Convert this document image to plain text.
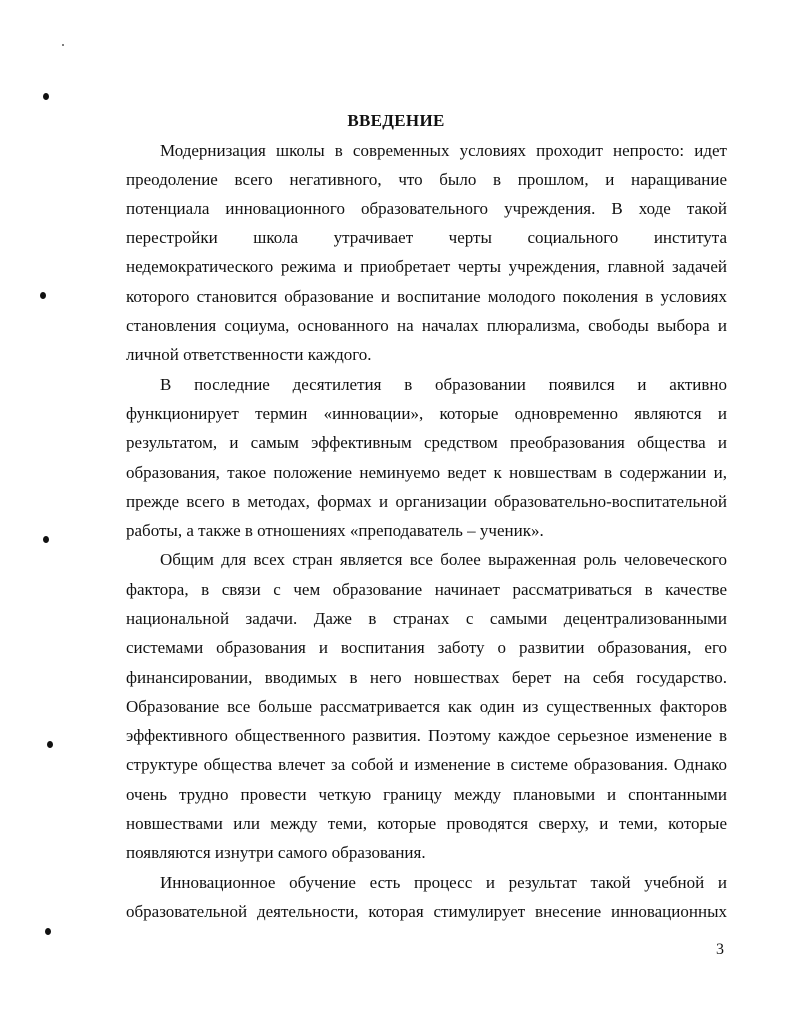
ВВЕДЕНИЕ
Модернизация школы в современных условиях проходит непросто: идет
преодоление всего негативного, что было в прошлом, и наращивание
потенциала инновационного образовательного учреждения. В ходе такой
перестройки школа утрачивает черты социального института
недемократического режима и приобретает черты учреждения, главной задачей
которого становится образование и воспитание молодого поколения в условиях
становления социума, основанного на началах плюрализма, свободы выбора и
личной ответственности каждого.
В последние десятилетия в образовании появился и активно
функционирует термин «инновации», которые одновременно являются и
результатом, и самым эффективным средством преобразования общества и
образования, такое положение неминуемо ведет к новшествам в содержании и,
прежде всего в методах, формах и организации образовательно-воспитательной
работы, а также в отношениях «преподаватель – ученик».
Общим для всех стран является все более выраженная роль человеческого
фактора, в связи с чем образование начинает рассматриваться в качестве
национальной задачи. Даже в странах с самыми децентрализованными
системами образования и воспитания заботу о развитии образования, его
финансировании, вводимых в него новшествах берет на себя государство.
Образование все больше рассматривается как один из существенных факторов
эффективного общественного развития. Поэтому каждое серьезное изменение в
структуре общества влечет за собой и изменение в системе образования. Однако
очень трудно провести четкую границу между плановыми и спонтанными
новшествами или между теми, которые проводятся сверху, и теми, которые
появляются изнутри самого образования.
Инновационное обучение есть процесс и результат такой учебной и
образовательной деятельности, которая стимулирует внесение инновационных
3
